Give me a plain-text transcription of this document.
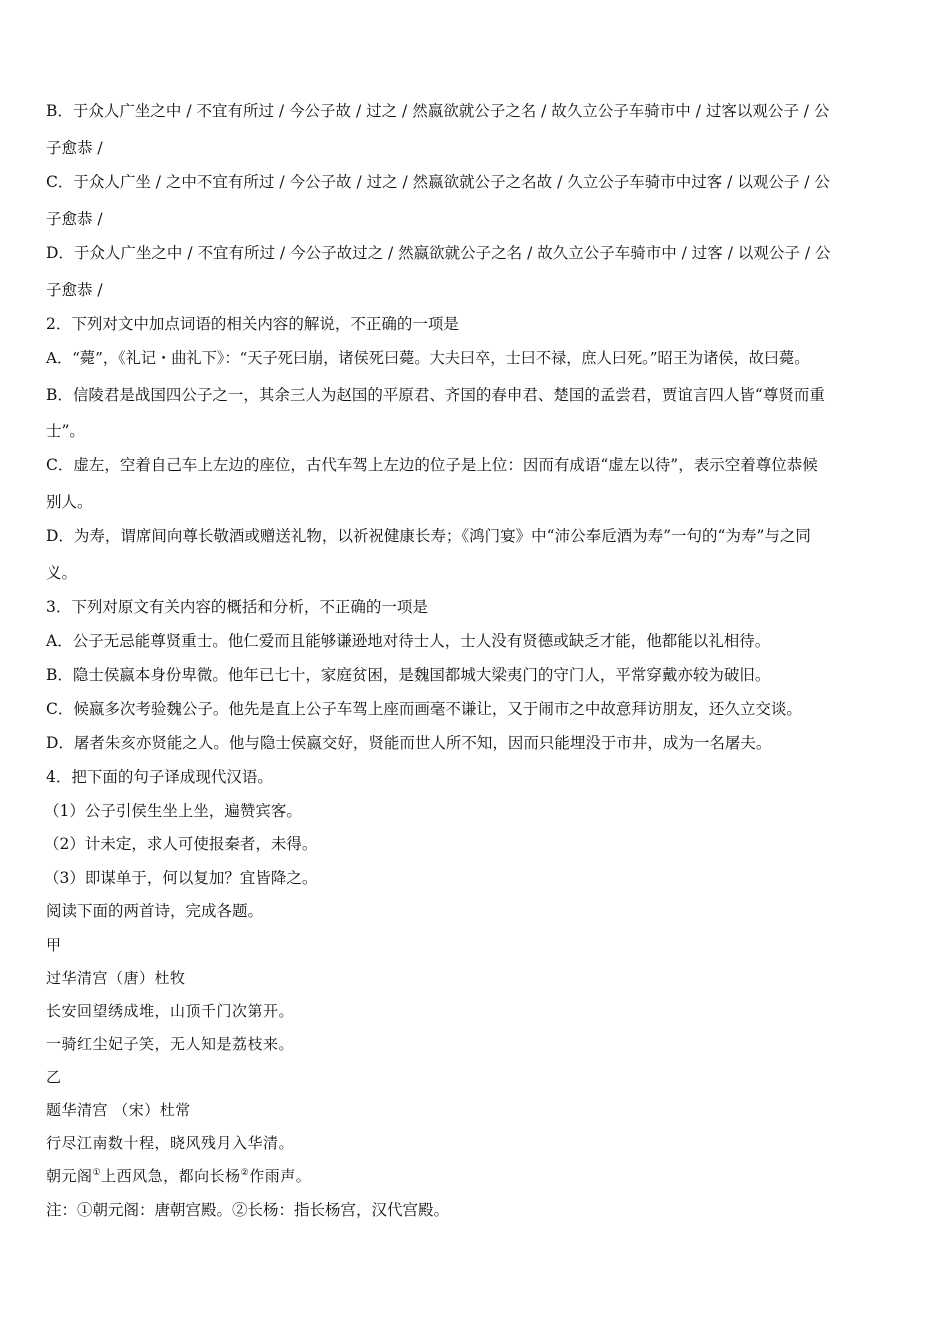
B．于众人广坐之中 / 不宜有所过 / 今公子故 / 过之 / 然嬴欲就公子之名 / 故久立公子车骑市中 / 过客以观公子 / 公
子愈恭 /
C．于众人广坐 / 之中不宜有所过 / 今公子故 / 过之 / 然嬴欲就公子之名故 / 久立公子车骑市中过客 / 以观公子 / 公
子愈恭 /
D．于众人广坐之中 / 不宜有所过 / 今公子故过之 / 然嬴欲就公子之名 / 故久立公子车骑市中 / 过客 / 以观公子 / 公
子愈恭 /
2．下列对文中加点词语的相关内容的解说，不正确的一项是
A．“薨”，《礼记・曲礼下》：“天子死曰崩，诸侯死曰薨。大夫曰卒，士曰不禄，庶人曰死。”昭王为诸侯，故曰薨。
B．信陵君是战国四公子之一，其余三人为赵国的平原君、齐国的春申君、楚国的孟尝君，贾谊言四人皆“尊贤而重
士”。
C．虚左，空着自己车上左边的座位，古代车驾上左边的位子是上位：因而有成语“虚左以待”，表示空着尊位恭候
别人。
D．为寿，谓席间向尊长敬酒或赠送礼物，以祈祝健康长寿；《鸿门宴》中“沛公奉卮酒为寿”一句的“为寿”与之同
义。
3．下列对原文有关内容的概括和分析，不正确的一项是
A．公子无忌能尊贤重士。他仁爱而且能够谦逊地对待士人，士人没有贤德或缺乏才能，他都能以礼相待。
B．隐士侯嬴本身份卑微。他年已七十，家庭贫困，是魏国都城大梁夷门的守门人，平常穿戴亦较为破旧。
C．候嬴多次考验魏公子。他先是直上公子车驾上座而画毫不谦让，又于闹市之中故意拜访朋友，还久立交谈。
D．屠者朱亥亦贤能之人。他与隐士侯嬴交好，贤能而世人所不知，因而只能埋没于市井，成为一名屠夫。
4．把下面的句子译成现代汉语。
（1）公子引侯生坐上坐，遍赞宾客。
（2）计未定，求人可使报秦者，未得。
（3）即谋单于，何以复加？宜皆降之。
阅读下面的两首诗，完成各题。
甲
过华清宫（唐）杜牧
长安回望绣成堆，山顶千门次第开。
一骑红尘妃子笑，无人知是荔枝来。
乙
题华清宫 （宋）杜常
行尽江南数十程，晓风残月入华清。
朝元阁①上西风急，都向长杨②作雨声。
注：①朝元阁：唐朝宫殿。②长杨：指长杨宫，汉代宫殿。
